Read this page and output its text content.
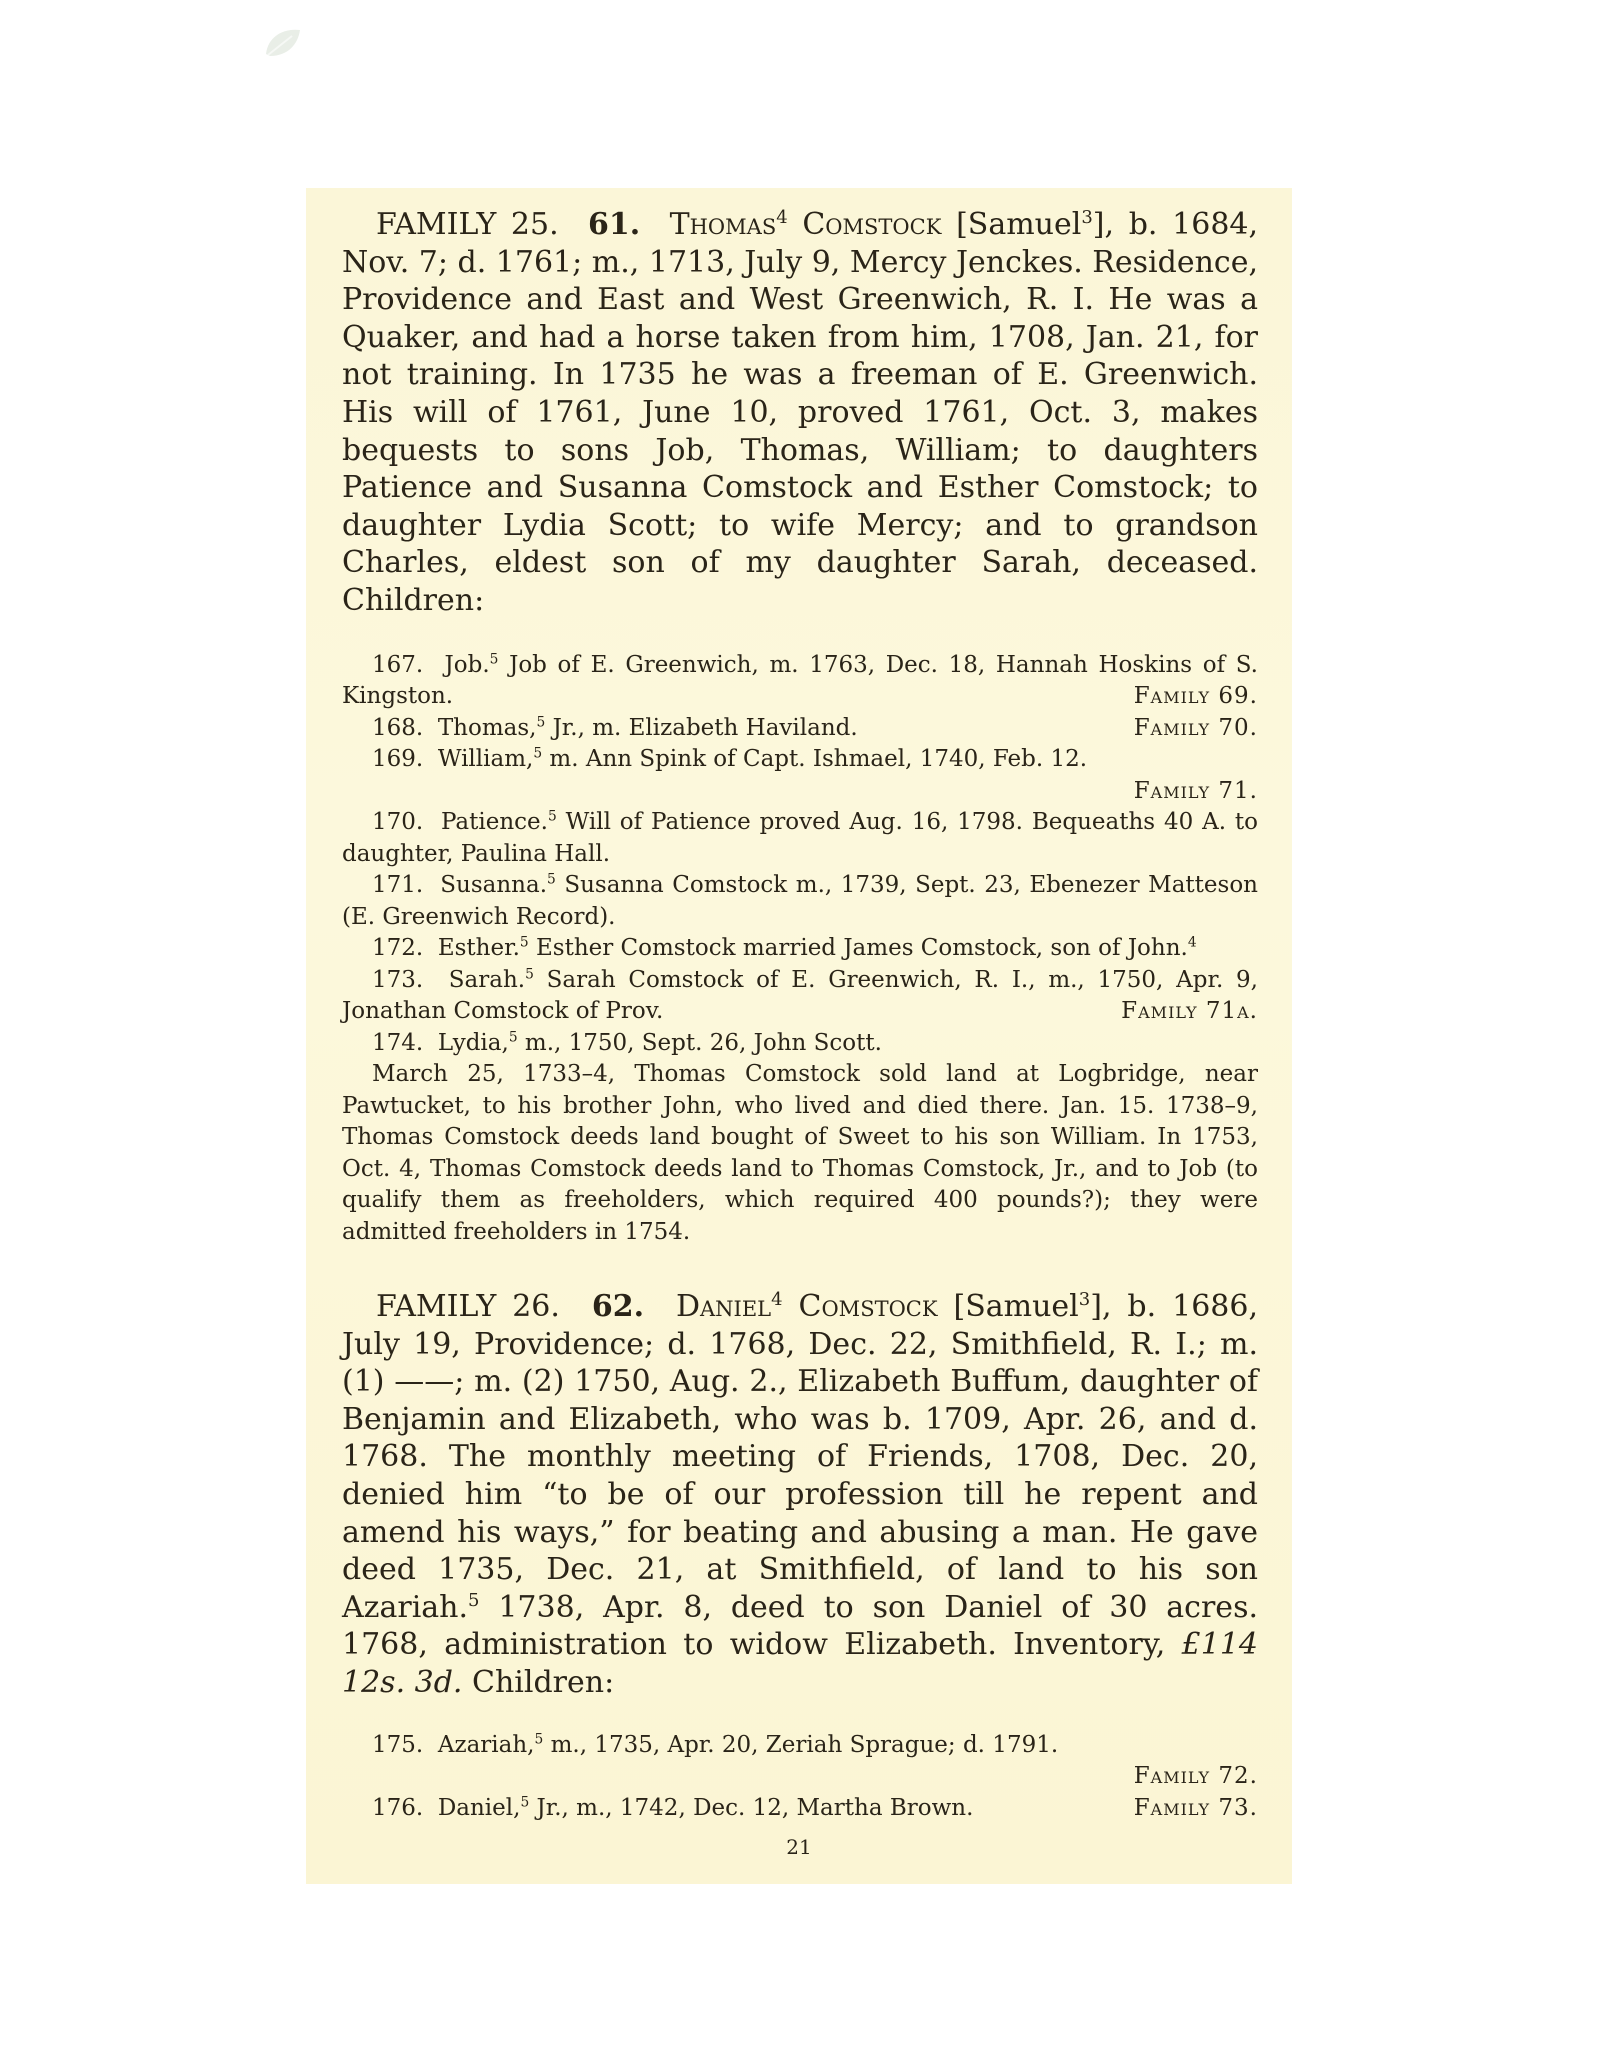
FAMILY 25. 61. Thomas$^4$ Comstock [Samuel$^3$], b. 1684, Nov. 7; d. 1761; m., 1713, July 9, Mercy Jenckes. Residence, Providence and East and West Greenwich, R. I. He was a Quaker, and had a horse taken from him, 1708, Jan. 21, for not training. In 1735 he was a freeman of E. Greenwich. His will of 1761, June 10, proved 1761, Oct. 3, makes bequests to sons Job, Thomas, William; to daughters Patience and Susanna Comstock and Esther Comstock; to daughter Lydia Scott; to wife Mercy; and to grandson Charles, eldest son of my daughter Sarah, deceased. Children:

167. Job.$^5$ Job of E. Greenwich, m. 1763, Dec. 18, Hannah Hoskins of S. Kingston.	Family 69.
168. Thomas,$^5$ Jr., m. Elizabeth Haviland.	Family 70.
169. William,$^5$ m. Ann Spink of Capt. Ishmael, 1740, Feb. 12.
Family 71.
170. Patience.$^5$ Will of Patience proved Aug. 16, 1798. Bequeaths 40 A. to daughter, Paulina Hall.
171. Susanna.$^5$ Susanna Comstock m., 1739, Sept. 23, Ebenezer Matteson (E. Greenwich Record).
172. Esther.$^5$ Esther Comstock married James Comstock, son of John.$^4$
173. Sarah.$^5$ Sarah Comstock of E. Greenwich, R. I., m., 1750, Apr. 9, Jonathan Comstock of Prov.	Family 71a.
174. Lydia,$^5$ m., 1750, Sept. 26, John Scott.
March 25, 1733–4, Thomas Comstock sold land at Logbridge, near Pawtucket, to his brother John, who lived and died there. Jan. 15. 1738–9, Thomas Comstock deeds land bought of Sweet to his son William. In 1753, Oct. 4, Thomas Comstock deeds land to Thomas Comstock, Jr., and to Job (to qualify them as freeholders, which required 400 pounds?); they were admitted freeholders in 1754.

FAMILY 26. 62. Daniel$^4$ Comstock [Samuel$^3$], b. 1686, July 19, Providence; d. 1768, Dec. 22, Smithfield, R. I.; m. (1) ——; m. (2) 1750, Aug. 2., Elizabeth Buffum, daughter of Benjamin and Elizabeth, who was b. 1709, Apr. 26, and d. 1768. The monthly meeting of Friends, 1708, Dec. 20, denied him “to be of our profession till he repent and amend his ways,” for beating and abusing a man. He gave deed 1735, Dec. 21, at Smithfield, of land to his son Azariah.$^5$ 1738, Apr. 8, deed to son Daniel of 30 acres. 1768, administration to widow Elizabeth. Inventory, £114 12s. 3d. Children:

175. Azariah,$^5$ m., 1735, Apr. 20, Zeriah Sprague; d. 1791.
Family 72.
176. Daniel,$^5$ Jr., m., 1742, Dec. 12, Martha Brown.	Family 73.
21
